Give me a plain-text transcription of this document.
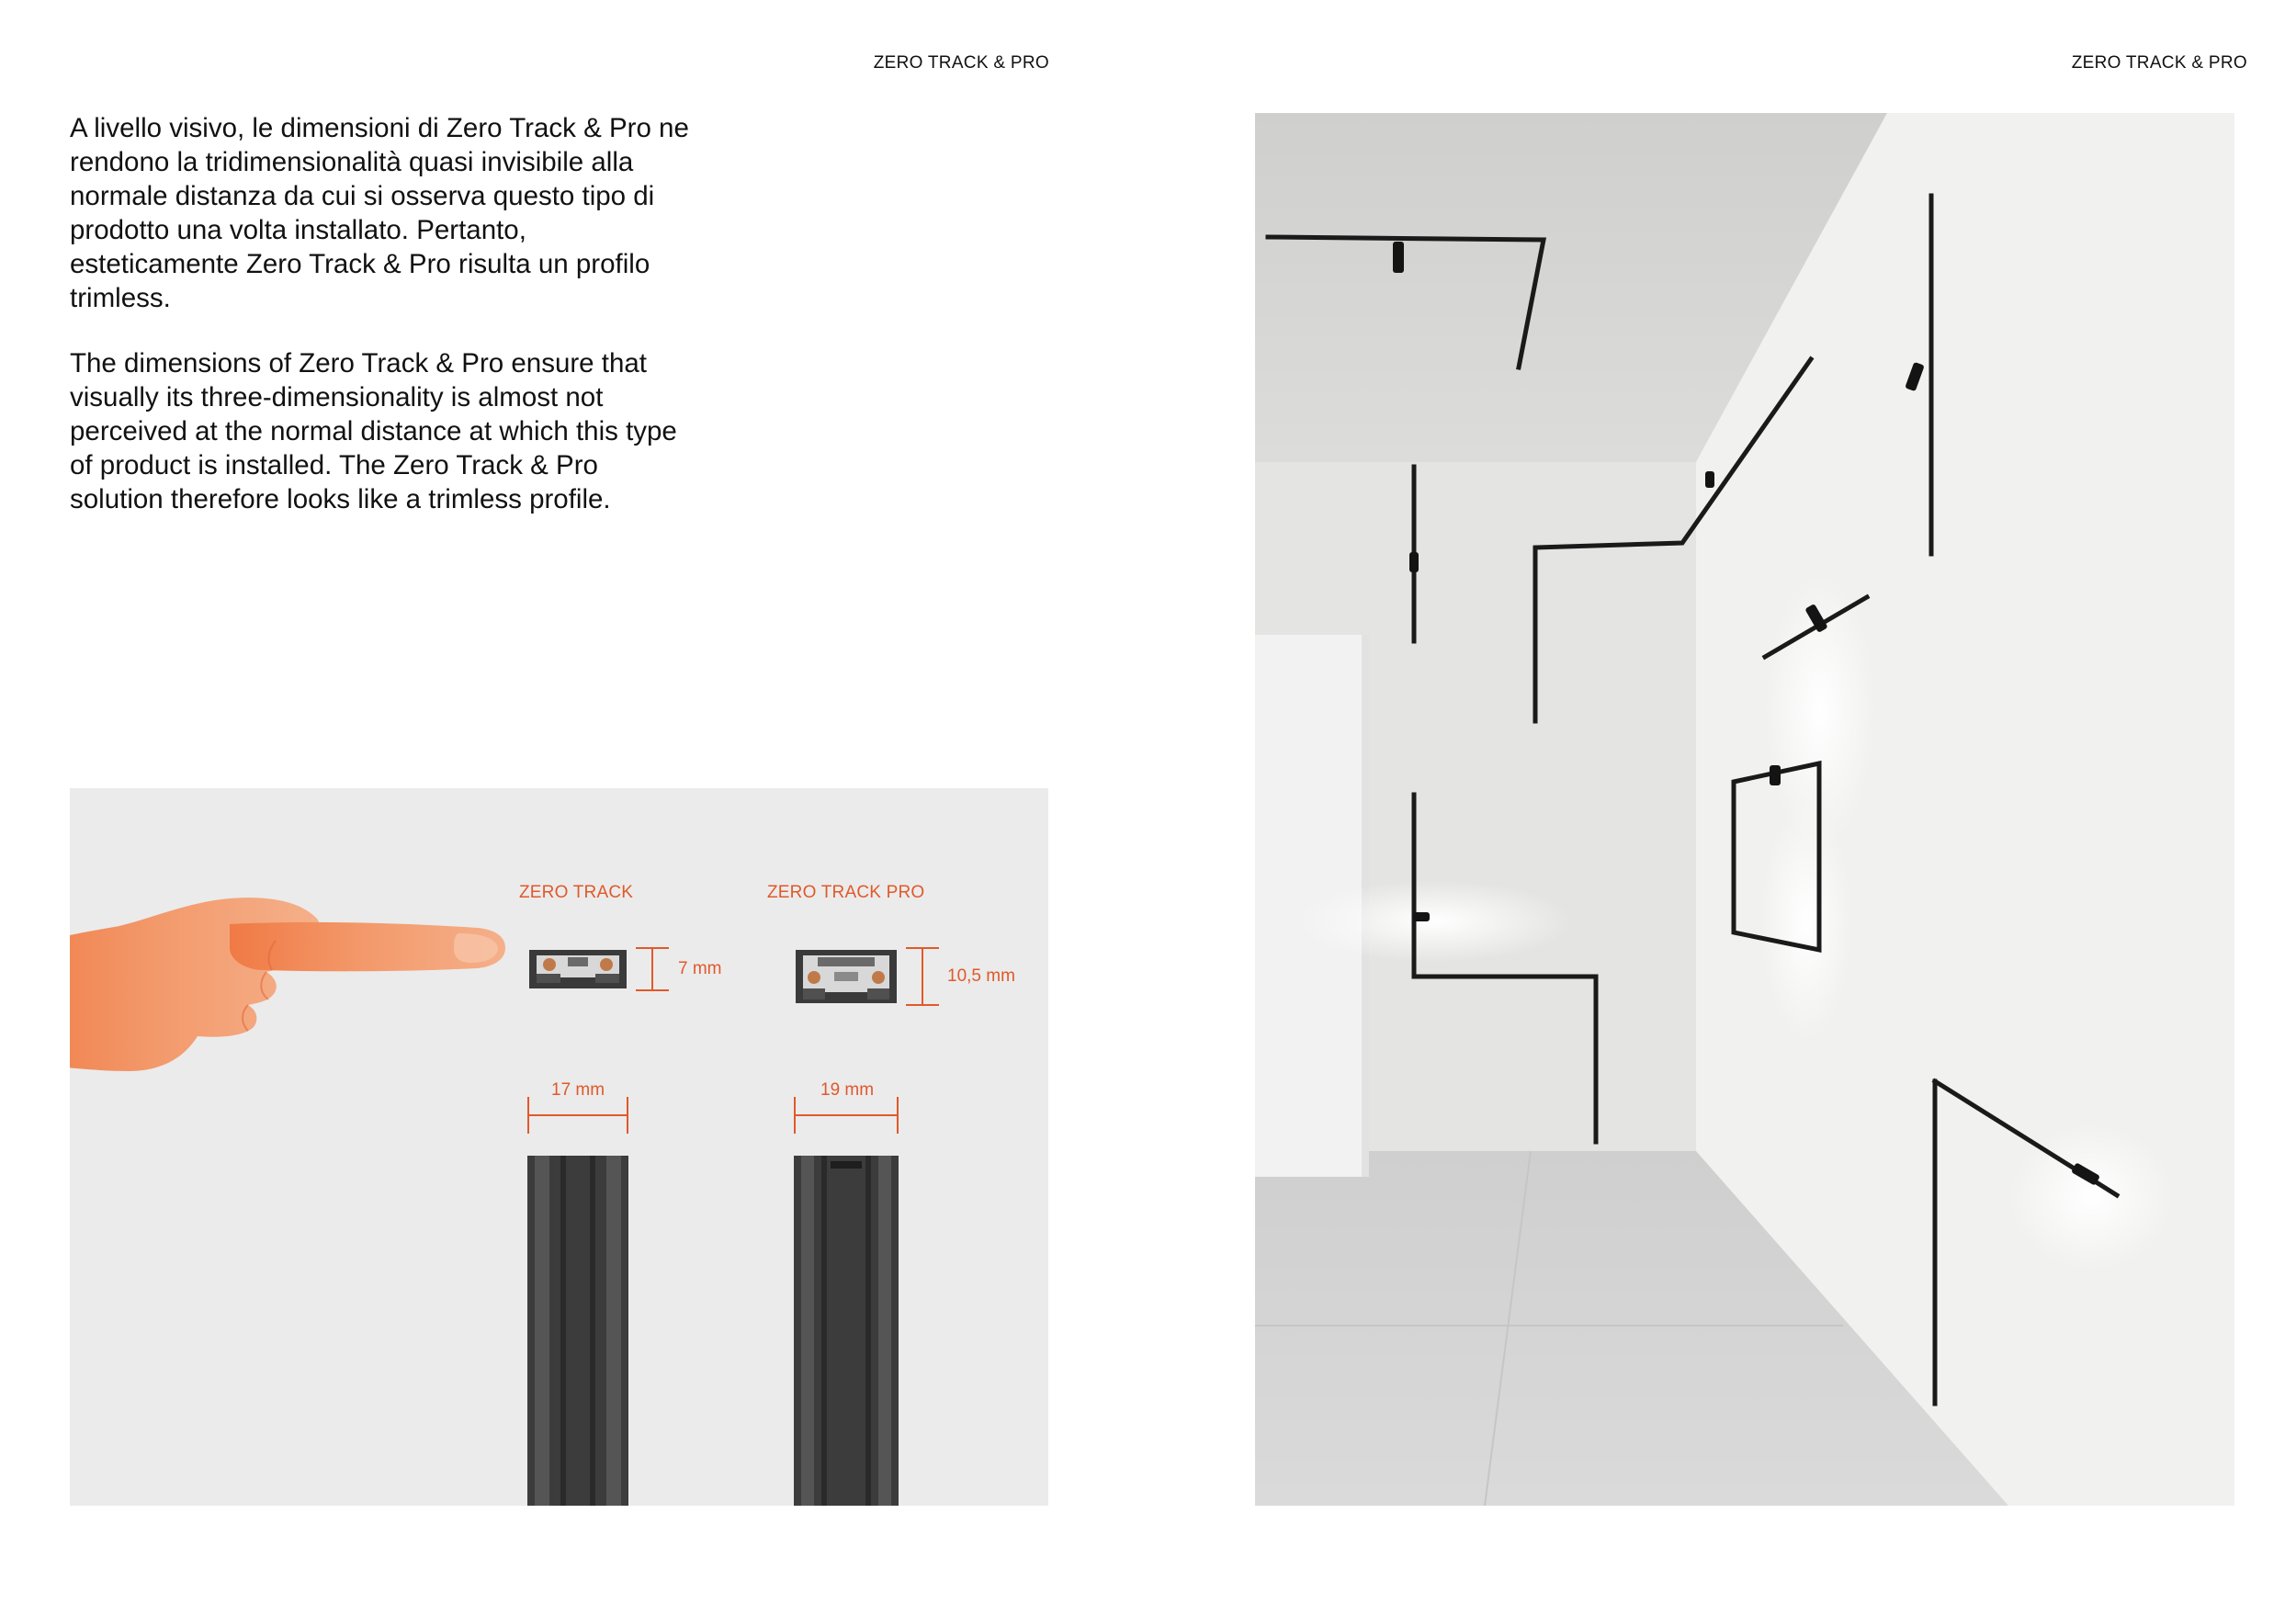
ZERO TRACK & PRO

A livello visivo, le dimensioni di Zero Track & Pro ne rendono la tridimensionalità quasi invisibile alla normale distanza da cui si osserva questo tipo di prodotto una volta installato. Pertanto, esteticamente Zero Track & Pro risulta un profilo trimless.

The dimensions of Zero Track & Pro ensure that visually its three-dimensionality is almost not perceived at the normal distance at which this type of product is installed. The Zero Track & Pro solution therefore looks like a trimless profile.

ZERO TRACK
7 mm
17 mm
ZERO TRACK PRO
10,5 mm
19 mm
ZERO TRACK & PRO
